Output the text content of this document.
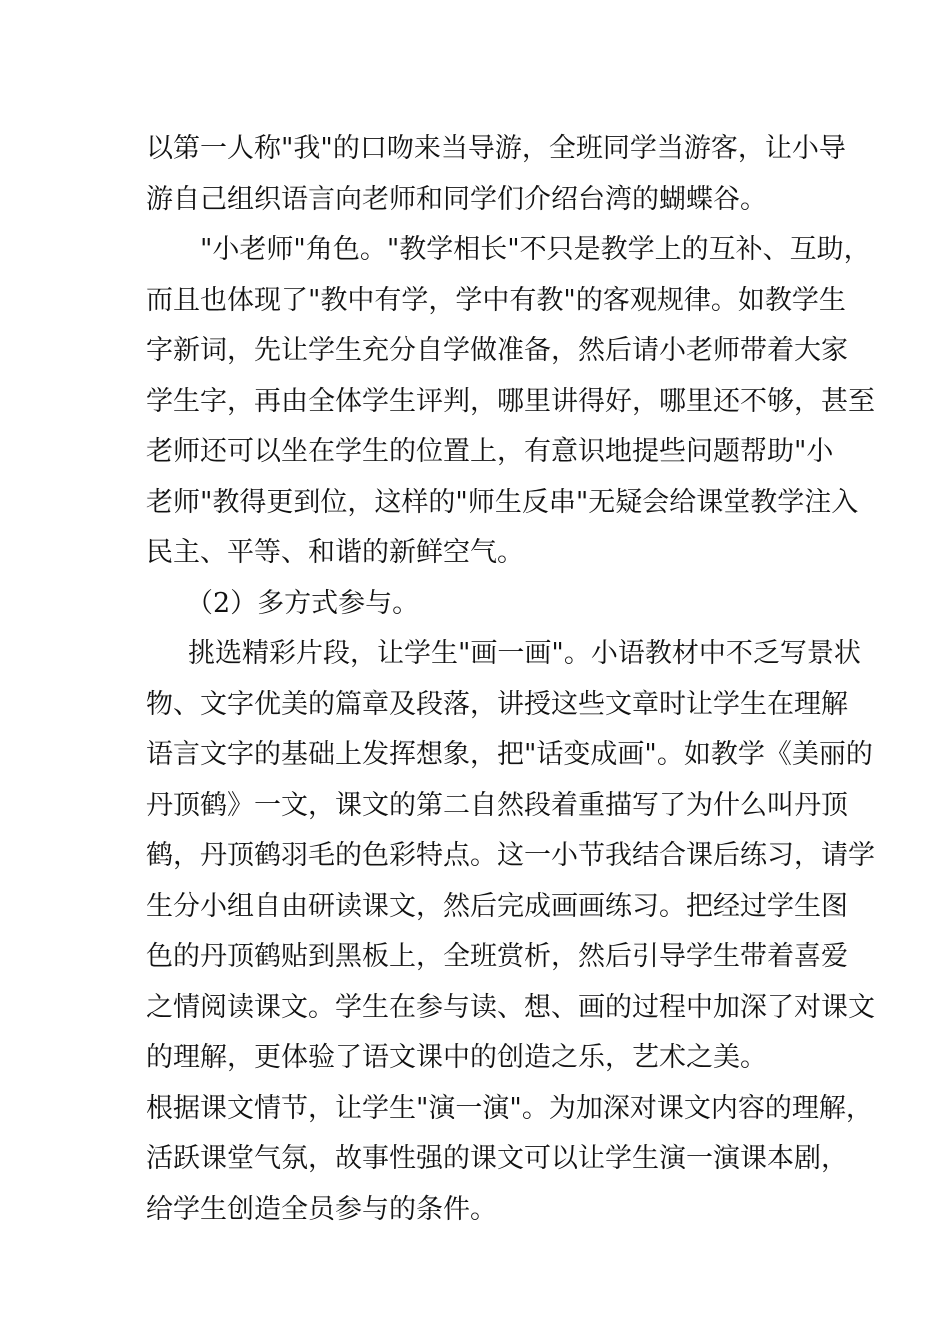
以第一人称"我"的口吻来当导游，全班同学当游客，让小导
游自己组织语言向老师和同学们介绍台湾的蝴蝶谷。
"小老师"角色。"教学相长"不只是教学上的互补、互助，
而且也体现了"教中有学，学中有教"的客观规律。如教学生
字新词，先让学生充分自学做准备，然后请小老师带着大家
学生字，再由全体学生评判，哪里讲得好，哪里还不够，甚至
老师还可以坐在学生的位置上，有意识地提些问题帮助"小
老师"教得更到位，这样的"师生反串"无疑会给课堂教学注入
民主、平等、和谐的新鲜空气。
（2）多方式参与。
挑选精彩片段，让学生"画一画"。小语教材中不乏写景状
物、文字优美的篇章及段落，讲授这些文章时让学生在理解
语言文字的基础上发挥想象，把"话变成画"。如教学《美丽的
丹顶鹤》一文，课文的第二自然段着重描写了为什么叫丹顶
鹤，丹顶鹤羽毛的色彩特点。这一小节我结合课后练习，请学
生分小组自由研读课文，然后完成画画练习。把经过学生图
色的丹顶鹤贴到黑板上，全班赏析，然后引导学生带着喜爱
之情阅读课文。学生在参与读、想、画的过程中加深了对课文
的理解，更体验了语文课中的创造之乐，艺术之美。
根据课文情节，让学生"演一演"。为加深对课文内容的理解，
活跃课堂气氛，故事性强的课文可以让学生演一演课本剧，
给学生创造全员参与的条件。
